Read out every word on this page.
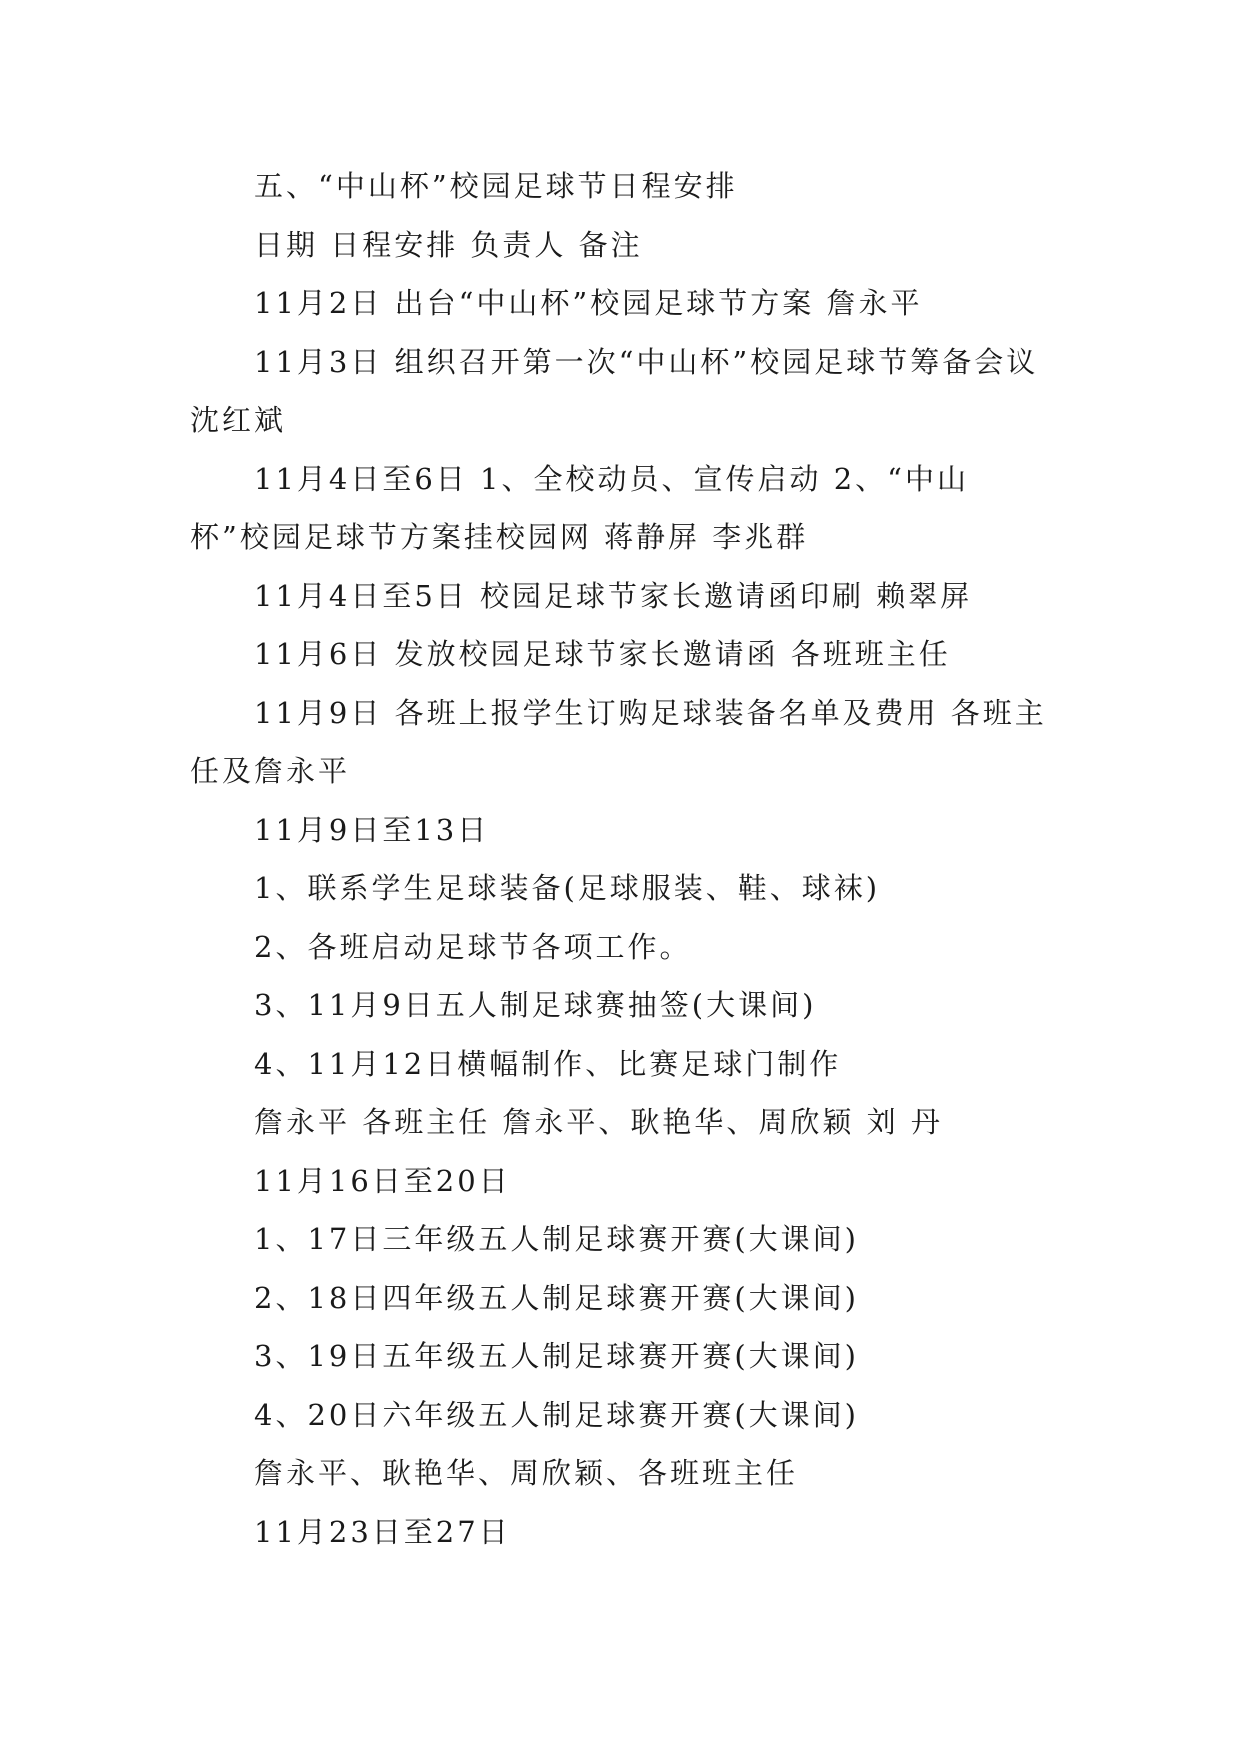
五、“中山杯”校园足球节日程安排

日期 日程安排 负责人 备注

11月2日 出台“中山杯”校园足球节方案 詹永平

11月3日 组织召开第一次“中山杯”校园足球节筹备会议 沈红斌

11月4日至6日 1、全校动员、宣传启动 2、“中山杯”校园足球节方案挂校园网 蒋静屏 李兆群

11月4日至5日 校园足球节家长邀请函印刷 赖翠屏

11月6日 发放校园足球节家长邀请函 各班班主任

11月9日 各班上报学生订购足球装备名单及费用 各班主任及詹永平

11月9日至13日

1、联系学生足球装备(足球服装、鞋、球袜)

2、各班启动足球节各项工作。

3、11月9日五人制足球赛抽签(大课间)

4、11月12日横幅制作、比赛足球门制作

詹永平 各班主任 詹永平、耿艳华、周欣颖 刘 丹

11月16日至20日

1、17日三年级五人制足球赛开赛(大课间)

2、18日四年级五人制足球赛开赛(大课间)

3、19日五年级五人制足球赛开赛(大课间)

4、20日六年级五人制足球赛开赛(大课间)

詹永平、耿艳华、周欣颖、各班班主任

11月23日至27日
